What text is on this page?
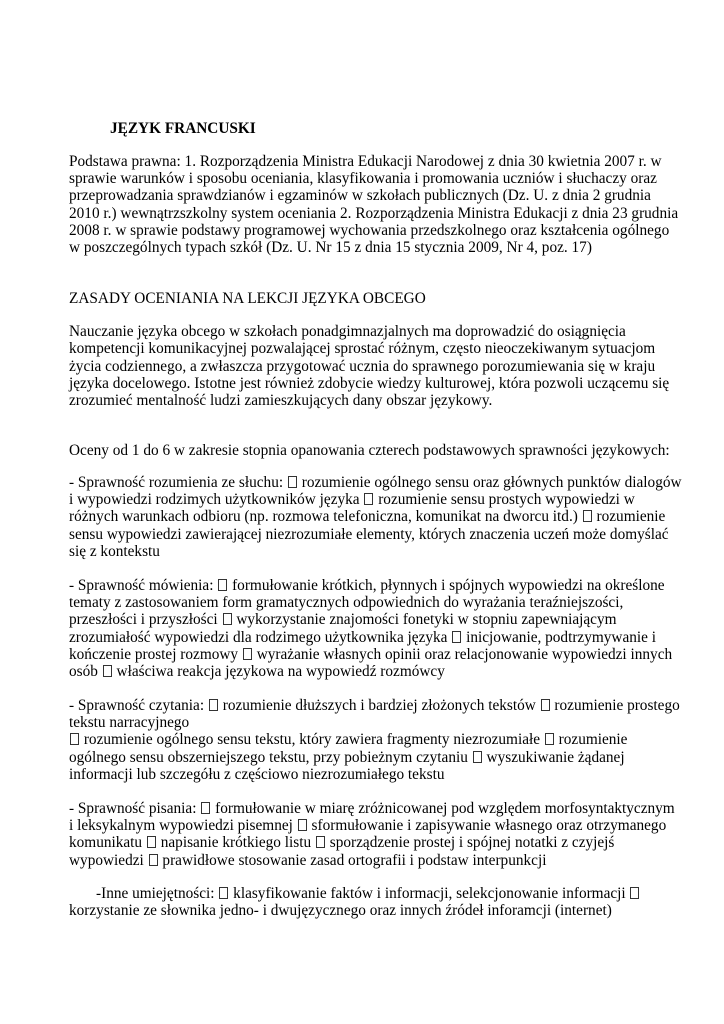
JĘZYK FRANCUSKI

Podstawa prawna: 1. Rozporządzenia Ministra Edukacji Narodowej z dnia 30 kwietnia 2007 r. w

sprawie warunków i sposobu oceniania, klasyfikowania i promowania uczniów i słuchaczy oraz

przeprowadzania sprawdzianów i egzaminów w szkołach publicznych (Dz. U. z dnia 2 grudnia

2010 r.) wewnątrzszkolny system oceniania 2. Rozporządzenia Ministra Edukacji z dnia 23 grudnia

2008 r. w sprawie podstawy programowej wychowania przedszkolnego oraz kształcenia ogólnego

w poszczególnych typach szkół (Dz. U. Nr 15 z dnia 15 stycznia 2009, Nr 4, poz. 17)

ZASADY OCENIANIA NA LEKCJI JĘZYKA OBCEGO

Nauczanie języka obcego w szkołach ponadgimnazjalnych ma doprowadzić do osiągnięcia

kompetencji komunikacyjnej pozwalającej sprostać różnym, często nieoczekiwanym sytuacjom

życia codziennego, a zwłaszcza przygotować ucznia do sprawnego porozumiewania się w kraju

języka docelowego. Istotne jest również zdobycie wiedzy kulturowej, która pozwoli uczącemu się

zrozumieć mentalność ludzi zamieszkujących dany obszar językowy.

Oceny od 1 do 6 w zakresie stopnia opanowania czterech podstawowych sprawności językowych:

- Sprawność rozumienia ze słuchu:  rozumienie ogólnego sensu oraz głównych punktów dialogów

i wypowiedzi rodzimych użytkowników języka  rozumienie sensu prostych wypowiedzi w

różnych warunkach odbioru (np. rozmowa telefoniczna, komunikat na dworcu itd.)  rozumienie

sensu wypowiedzi zawierającej niezrozumiałe elementy, których znaczenia uczeń może domyślać

się z kontekstu

- Sprawność mówienia:  formułowanie krótkich, płynnych i spójnych wypowiedzi na określone

tematy z zastosowaniem form gramatycznych odpowiednich do wyrażania teraźniejszości,

przeszłości i przyszłości  wykorzystanie znajomości fonetyki w stopniu zapewniającym

zrozumiałość wypowiedzi dla rodzimego użytkownika języka  inicjowanie, podtrzymywanie i

kończenie prostej rozmowy  wyrażanie własnych opinii oraz relacjonowanie wypowiedzi innych

osób  właściwa reakcja językowa na wypowiedź rozmówcy

- Sprawność czytania:  rozumienie dłuższych i bardziej złożonych tekstów  rozumienie prostego

tekstu narracyjnego

rozumienie ogólnego sensu tekstu, który zawiera fragmenty niezrozumiałe  rozumienie

ogólnego sensu obszerniejszego tekstu, przy pobieżnym czytaniu  wyszukiwanie żądanej

informacji lub szczegółu z częściowo niezrozumiałego tekstu

- Sprawność pisania:  formułowanie w miarę zróżnicowanej pod względem morfosyntaktycznym

i leksykalnym wypowiedzi pisemnej  sformułowanie i zapisywanie własnego oraz otrzymanego

komunikatu  napisanie krótkiego listu  sporządzenie prostej i spójnej notatki z czyjejś

wypowiedzi  prawidłowe stosowanie zasad ortografii i podstaw interpunkcji

-Inne umiejętności:  klasyfikowanie faktów i informacji, selekcjonowanie informacji

korzystanie ze słownika jedno- i dwujęzycznego oraz innych źródeł inforamcji (internet)
